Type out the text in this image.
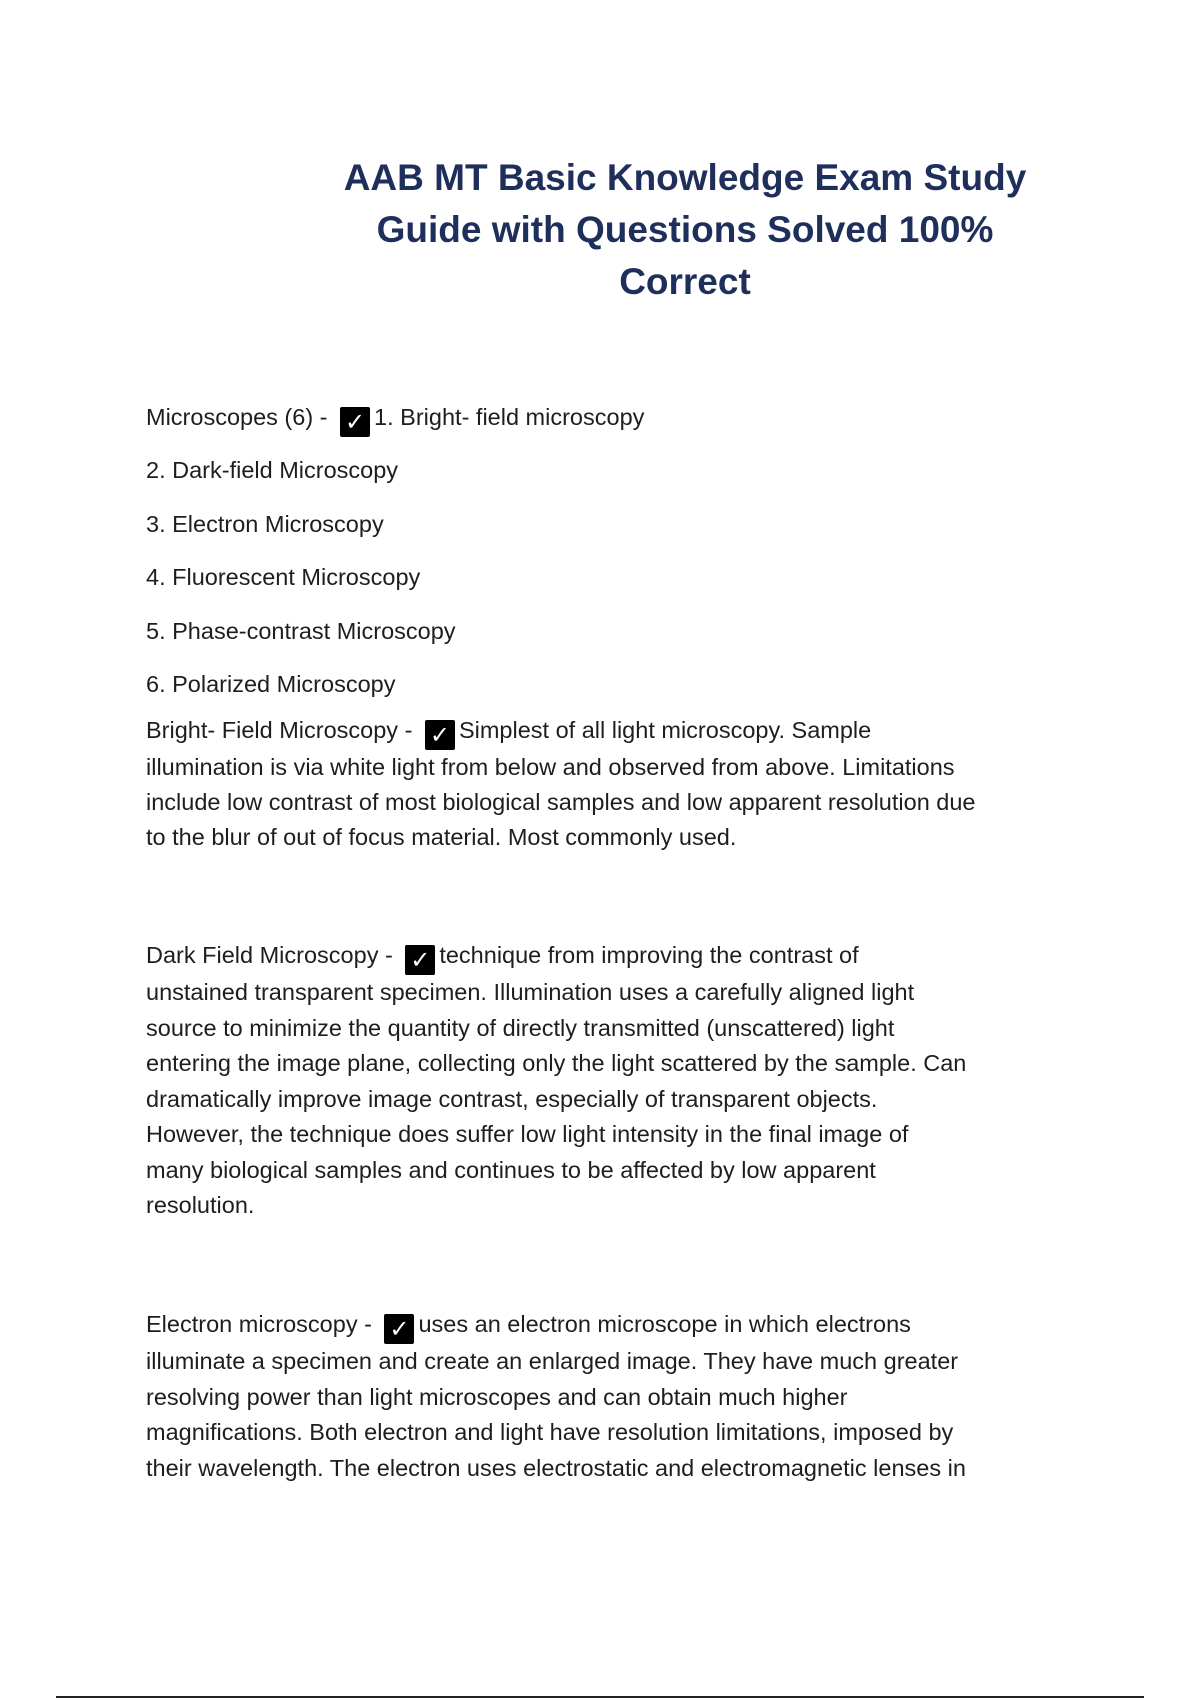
AAB MT Basic Knowledge Exam Study
Guide with Questions Solved 100%
Correct
Microscopes (6) - ✓ 1. Bright- field microscopy
2. Dark-field Microscopy
3. Electron Microscopy
4. Fluorescent Microscopy
5. Phase-contrast Microscopy
6. Polarized Microscopy
Bright- Field Microscopy - ✓ Simplest of all light microscopy. Sample
illumination is via white light from below and observed from above. Limitations
include low contrast of most biological samples and low apparent resolution due
to the blur of out of focus material. Most commonly used.
Dark Field Microscopy - ✓ technique from improving the contrast of
unstained transparent specimen. Illumination uses a carefully aligned light
source to minimize the quantity of directly transmitted (unscattered) light
entering the image plane, collecting only the light scattered by the sample. Can
dramatically improve image contrast, especially of transparent objects.
However, the technique does suffer low light intensity in the final image of
many biological samples and continues to be affected by low apparent
resolution.
Electron microscopy - ✓ uses an electron microscope in which electrons
illuminate a specimen and create an enlarged image. They have much greater
resolving power than light microscopes and can obtain much higher
magnifications. Both electron and light have resolution limitations, imposed by
their wavelength. The electron uses electrostatic and electromagnetic lenses in
